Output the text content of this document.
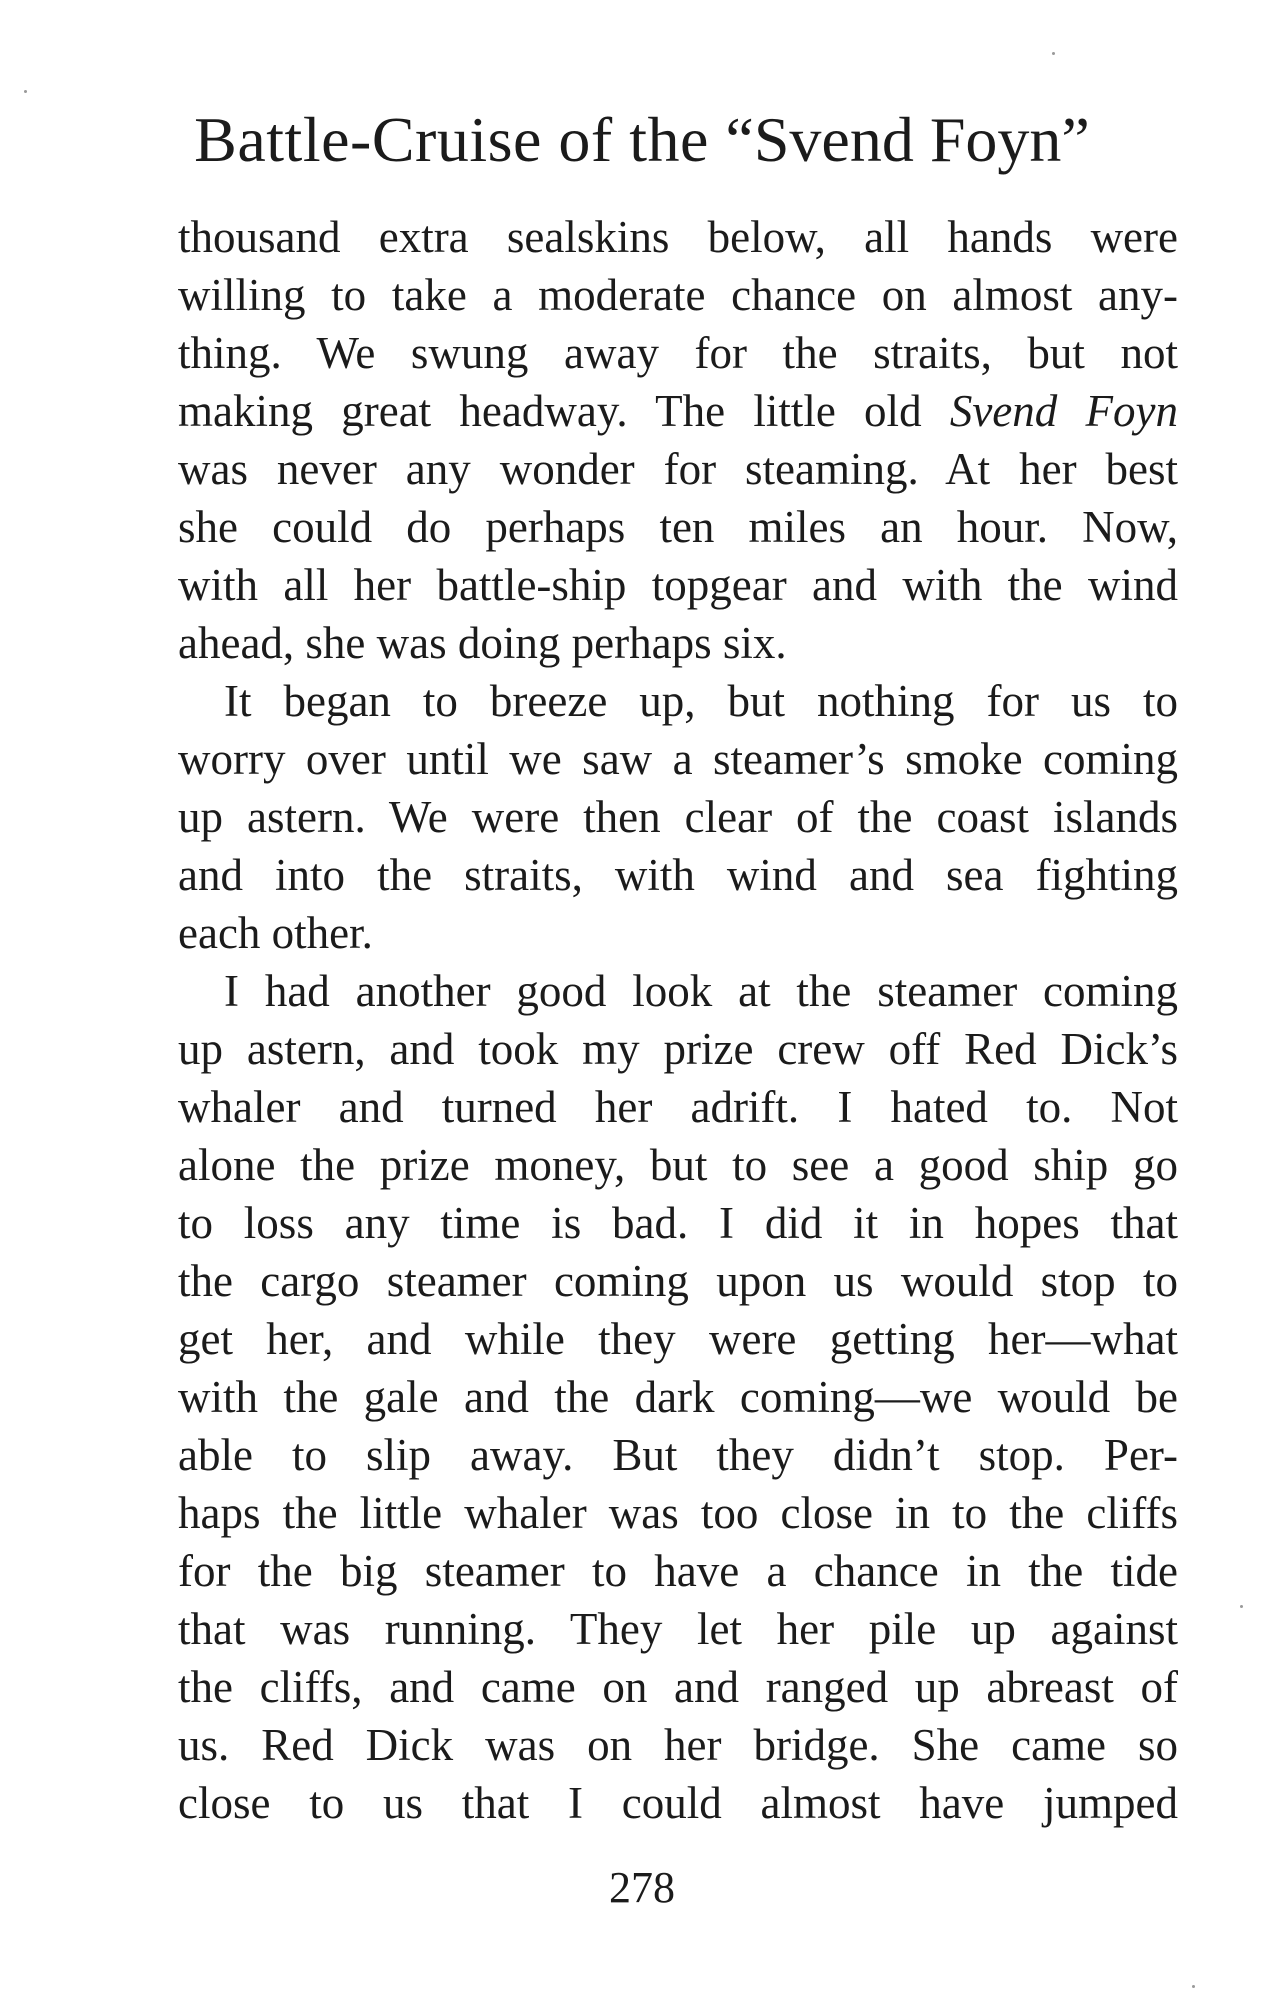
Battle-Cruise of the “Svend Foyn”
thousand extra sealskins below, all hands were
willing to take a moderate chance on almost any-
thing. We swung away for the straits, but not
making great headway. The little old Svend Foyn
was never any wonder for steaming. At her best
she could do perhaps ten miles an hour. Now,
with all her battle-ship topgear and with the wind
ahead, she was doing perhaps six.
It began to breeze up, but nothing for us to
worry over until we saw a steamer’s smoke coming
up astern. We were then clear of the coast islands
and into the straits, with wind and sea fighting
each other.
I had another good look at the steamer coming
up astern, and took my prize crew off Red Dick’s
whaler and turned her adrift. I hated to. Not
alone the prize money, but to see a good ship go
to loss any time is bad. I did it in hopes that
the cargo steamer coming upon us would stop to
get her, and while they were getting her—what
with the gale and the dark coming—we would be
able to slip away. But they didn’t stop. Per-
haps the little whaler was too close in to the cliffs
for the big steamer to have a chance in the tide
that was running. They let her pile up against
the cliffs, and came on and ranged up abreast of
us. Red Dick was on her bridge. She came so
close to us that I could almost have jumped
278
